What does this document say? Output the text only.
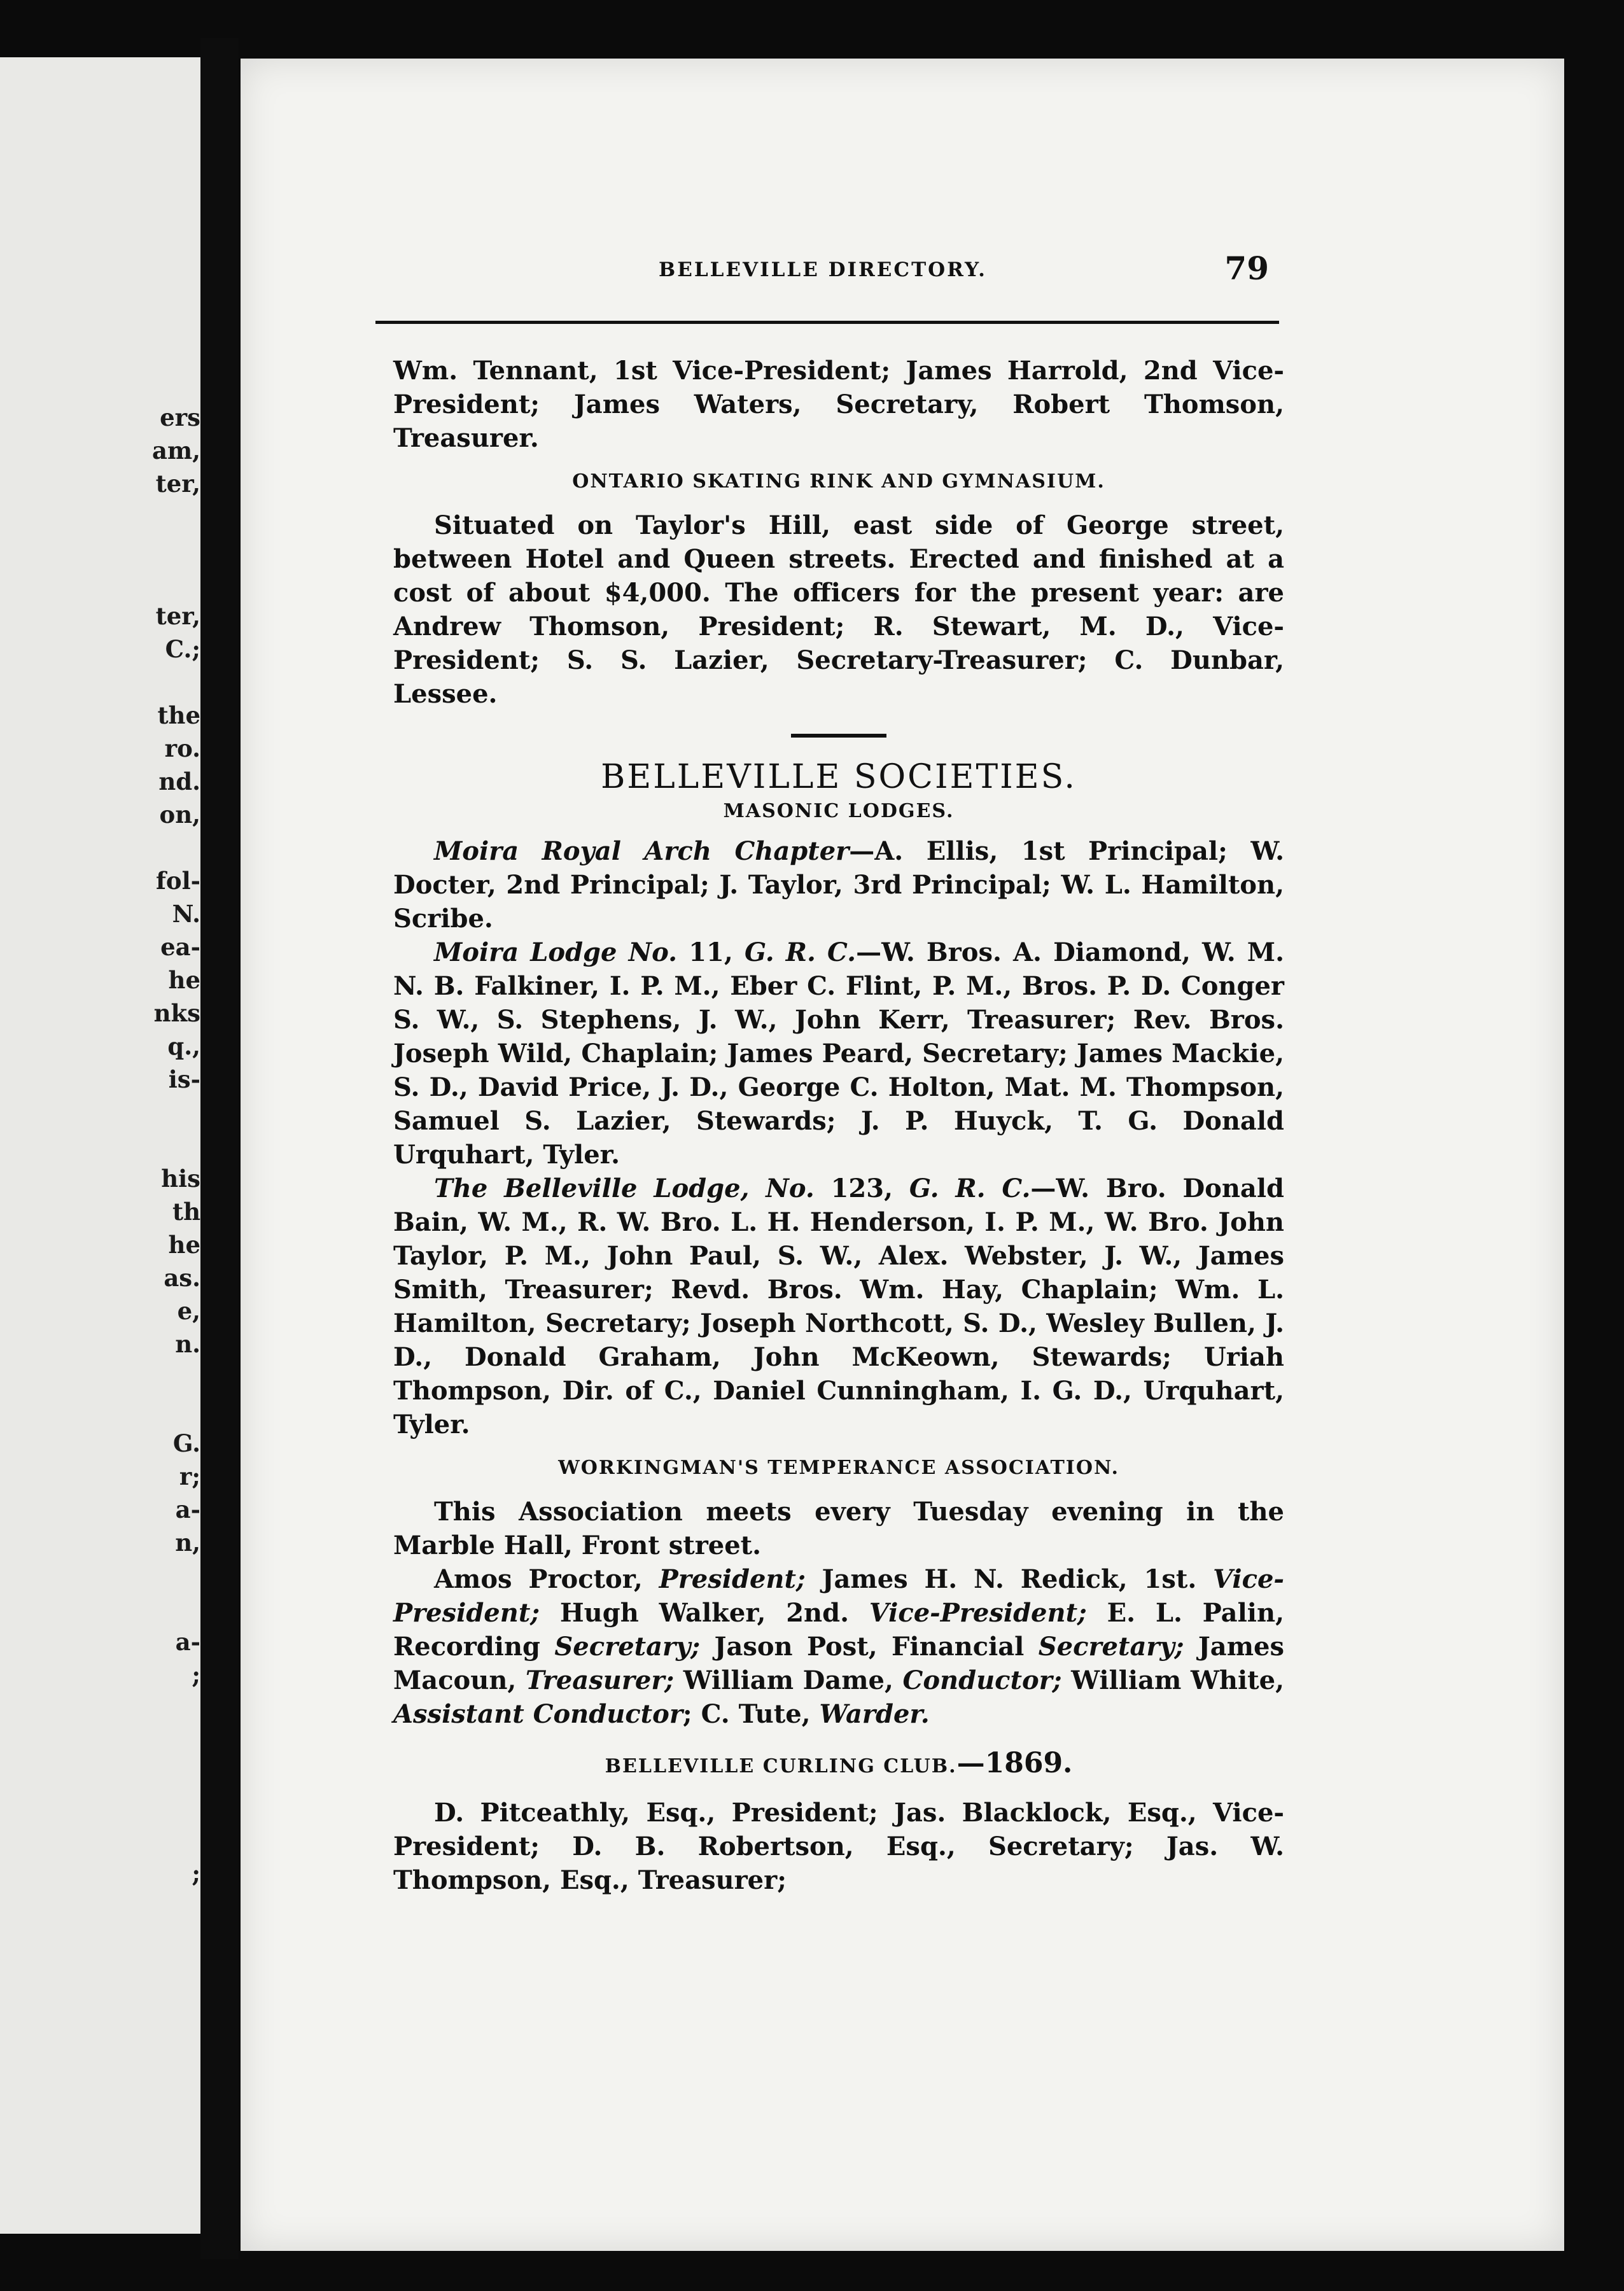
ers
am,
ter,
ter,
C.;
the
ro.
nd.
on,
fol-
N.
ea-
he
nks
q.,
is-
his
th
he
as.
e,
n.
G.
r;
a-
n,
a-
;
;
BELLEVILLE DIRECTORY.	79

Wm. Tennant, 1st Vice-President; James Harrold, 2nd Vice-President; James Waters, Secretary, Robert Thomson, Treasurer.

ONTARIO SKATING RINK AND GYMNASIUM.

Situated on Taylor's Hill, east side of George street, between Hotel and Queen streets. Erected and finished at a cost of about $4,000. The officers for the present year: are Andrew Thomson, President; R. Stewart, M. D., Vice-President; S. S. Lazier, Secretary-Treasurer; C. Dunbar, Lessee.

BELLEVILLE SOCIETIES.

MASONIC LODGES.

Moira Royal Arch Chapter—A. Ellis, 1st Principal; W. Docter, 2nd Principal; J. Taylor, 3rd Principal; W. L. Hamilton, Scribe.

Moira Lodge No. 11, G. R. C.—W. Bros. A. Diamond, W. M. N. B. Falkiner, I. P. M., Eber C. Flint, P. M., Bros. P. D. Conger S. W., S. Stephens, J. W., John Kerr, Treasurer; Rev. Bros. Joseph Wild, Chaplain; James Peard, Secretary; James Mackie, S. D., David Price, J. D., George C. Holton, Mat. M. Thompson, Samuel S. Lazier, Stewards; J. P. Huyck, T. G. Donald Urquhart, Tyler.

The Belleville Lodge, No. 123, G. R. C.—W. Bro. Donald Bain, W. M., R. W. Bro. L. H. Henderson, I. P. M., W. Bro. John Taylor, P. M., John Paul, S. W., Alex. Webster, J. W., James Smith, Treasurer; Revd. Bros. Wm. Hay, Chaplain; Wm. L. Hamilton, Secretary; Joseph Northcott, S. D., Wesley Bullen, J. D., Donald Graham, John McKeown, Stewards; Uriah Thompson, Dir. of C., Daniel Cunningham, I. G. D., Urquhart, Tyler.

WORKINGMAN'S TEMPERANCE ASSOCIATION.

This Association meets every Tuesday evening in the Marble Hall, Front street.

Amos Proctor, President; James H. N. Redick, 1st. Vice-President; Hugh Walker, 2nd. Vice-President; E. L. Palin, Recording Secretary; Jason Post, Financial Secretary; James Macoun, Treasurer; William Dame, Conductor; William White, Assistant Conductor; C. Tute, Warder.

BELLEVILLE CURLING CLUB.—1869.

D. Pitceathly, Esq., President; Jas. Blacklock, Esq., Vice-President; D. B. Robertson, Esq., Secretary; Jas. W. Thompson, Esq., Treasurer;
